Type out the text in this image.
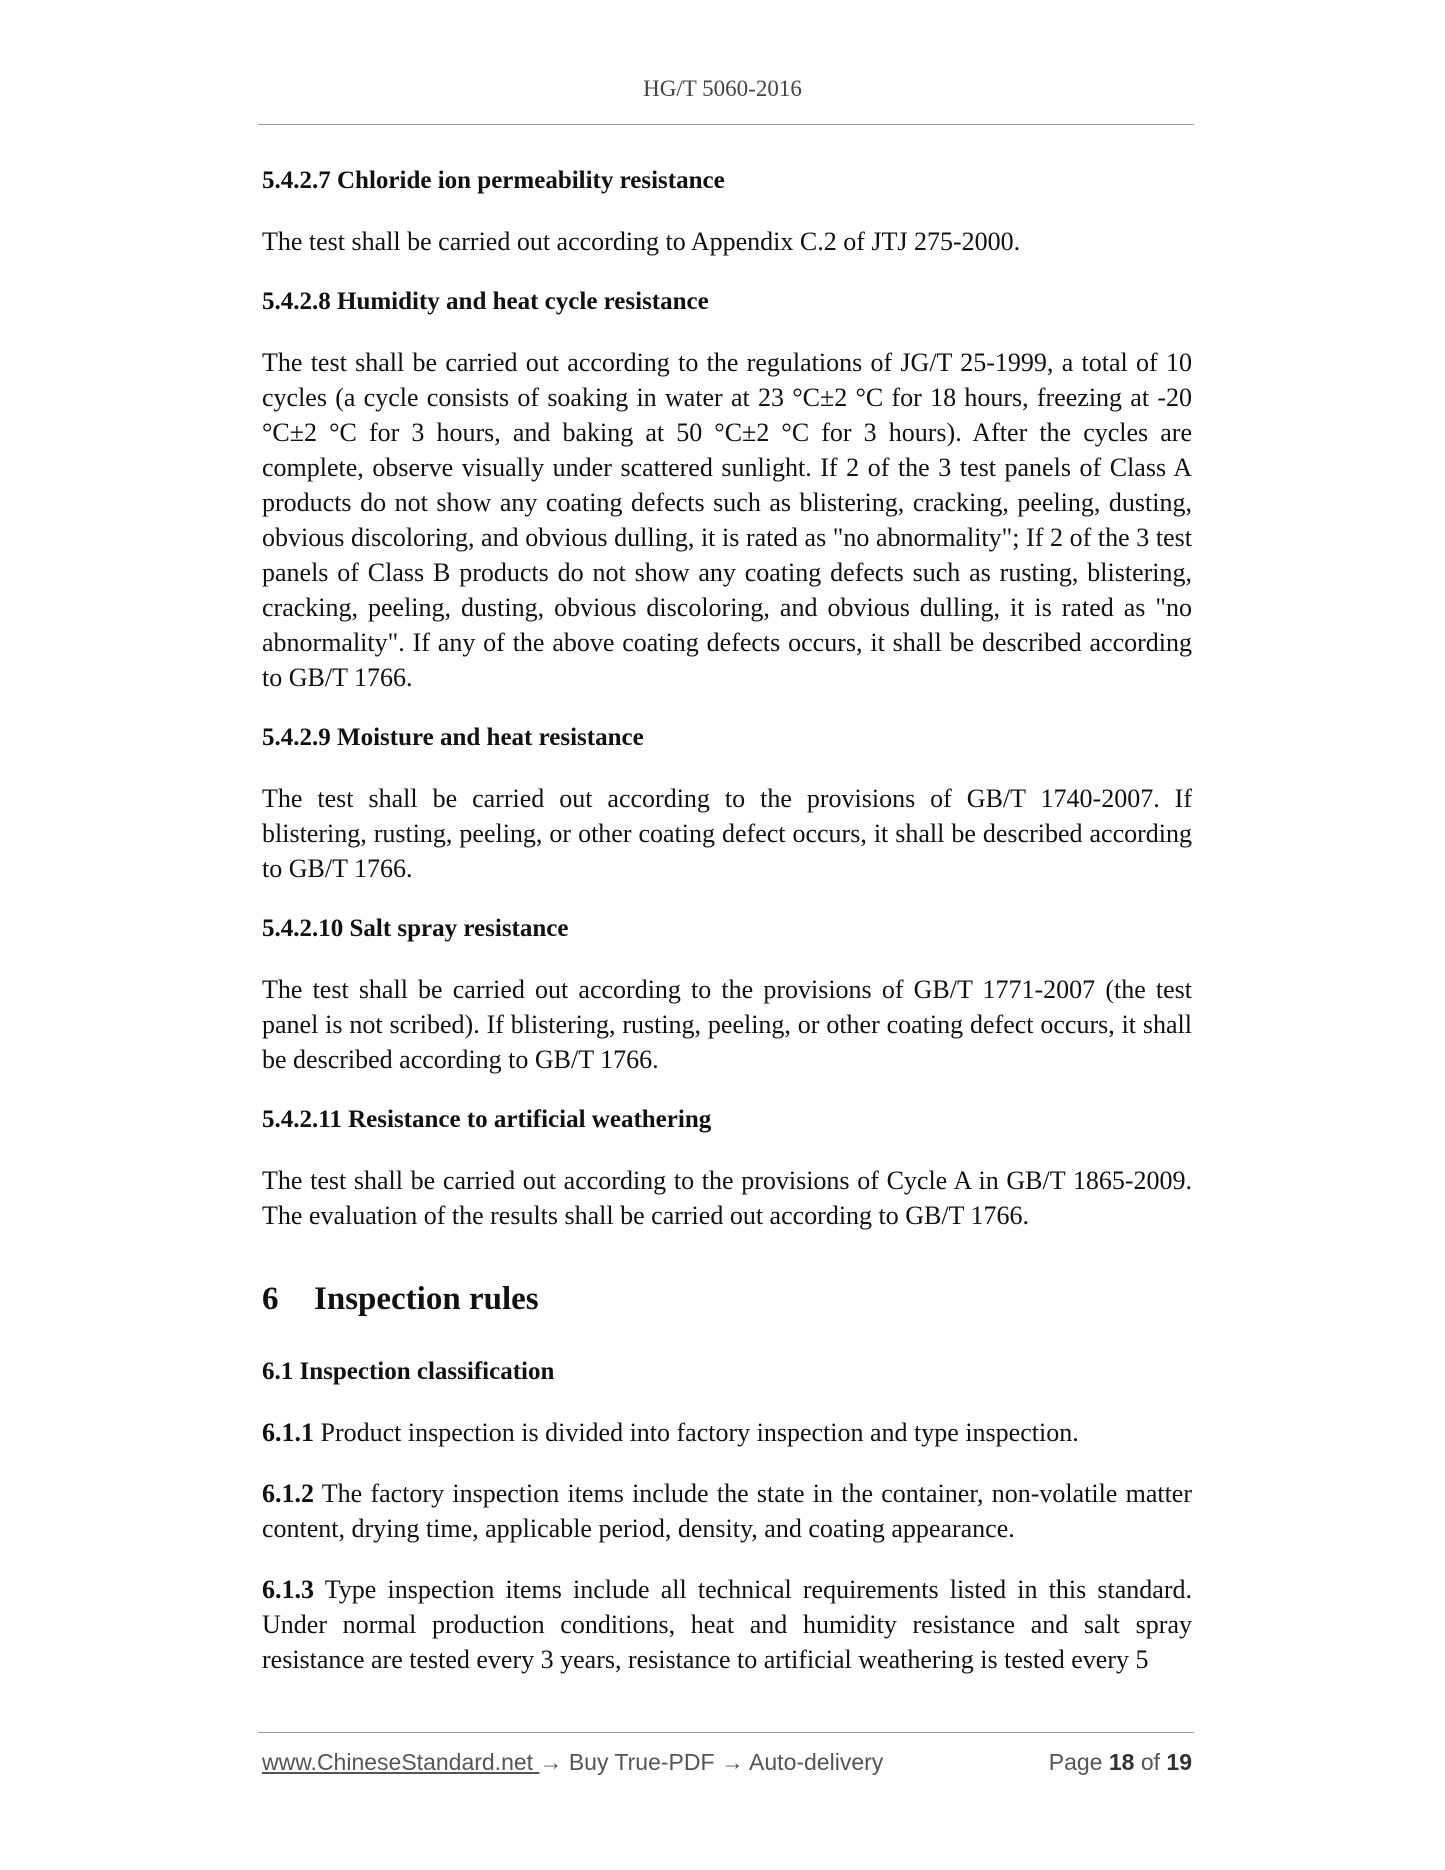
HG/T 5060-2016
5.4.2.7 Chloride ion permeability resistance
The test shall be carried out according to Appendix C.2 of JTJ 275-2000.
5.4.2.8 Humidity and heat cycle resistance
The test shall be carried out according to the regulations of JG/T 25-1999, a total of 10 cycles (a cycle consists of soaking in water at 23 °C±2 °C for 18 hours, freezing at -20 °C±2 °C for 3 hours, and baking at 50 °C±2 °C for 3 hours). After the cycles are complete, observe visually under scattered sunlight. If 2 of the 3 test panels of Class A products do not show any coating defects such as blistering, cracking, peeling, dusting, obvious discoloring, and obvious dulling, it is rated as "no abnormality"; If 2 of the 3 test panels of Class B products do not show any coating defects such as rusting, blistering, cracking, peeling, dusting, obvious discoloring, and obvious dulling, it is rated as "no abnormality". If any of the above coating defects occurs, it shall be described according to GB/T 1766.
5.4.2.9 Moisture and heat resistance
The test shall be carried out according to the provisions of GB/T 1740-2007. If blistering, rusting, peeling, or other coating defect occurs, it shall be described according to GB/T 1766.
5.4.2.10 Salt spray resistance
The test shall be carried out according to the provisions of GB/T 1771-2007 (the test panel is not scribed). If blistering, rusting, peeling, or other coating defect occurs, it shall be described according to GB/T 1766.
5.4.2.11 Resistance to artificial weathering
The test shall be carried out according to the provisions of Cycle A in GB/T 1865-2009. The evaluation of the results shall be carried out according to GB/T 1766.
6 Inspection rules
6.1 Inspection classification
6.1.1 Product inspection is divided into factory inspection and type inspection.
6.1.2 The factory inspection items include the state in the container, non-volatile matter content, drying time, applicable period, density, and coating appearance.
6.1.3 Type inspection items include all technical requirements listed in this standard. Under normal production conditions, heat and humidity resistance and salt spray resistance are tested every 3 years, resistance to artificial weathering is tested every 5
www.ChineseStandard.net → Buy True-PDF → Auto-delivery	Page 18 of 19
